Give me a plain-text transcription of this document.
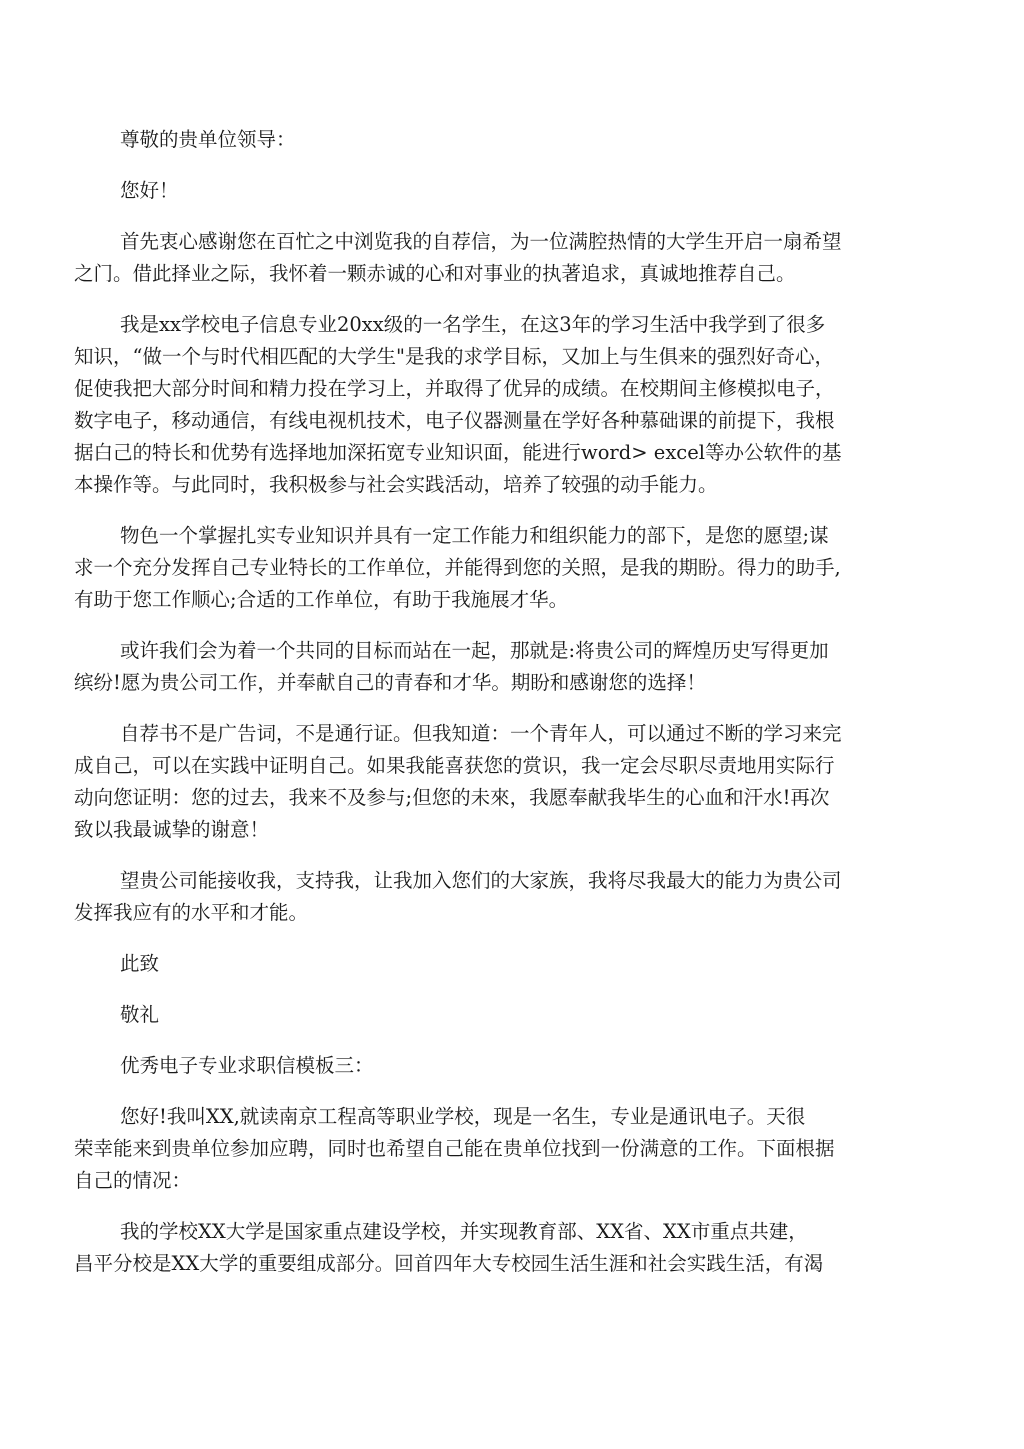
尊敬的贵单位领导：

您好！

首先衷心感谢您在百忙之中浏览我的自荐信，为一位满腔热情的大学生开启一扇希望
之门。借此择业之际，我怀着一颗赤诚的心和对事业的执著追求，真诚地推荐自己。

我是xx学校电子信息专业20xx级的一名学生，在这3年的学习生活中我学到了很多
知识，“做一个与时代相匹配的大学生"是我的求学目标，又加上与生俱来的强烈好奇心，
促使我把大部分时间和精力投在学习上，并取得了优异的成绩。在校期间主修模拟电子，
数字电子，移动通信，有线电视机技术，电子仪器测量在学好各种慕础课的前提下，我根
据白己的特长和优势有选择地加深拓宽专业知识面，能进行word> excel等办公软件的基
本操作等。与此同时，我积极参与社会实践活动，培养了较强的动手能力。

物色一个掌握扎实专业知识并具有一定工作能力和组织能力的部下，是您的愿望;谋
求一个充分发挥自己专业特长的工作单位，并能得到您的关照，是我的期盼。得力的助手,
有助于您工作顺心;合适的工作单位，有助于我施展才华。

或许我们会为着一个共同的目标而站在一起，那就是:将贵公司的辉煌历史写得更加
缤纷!愿为贵公司工作，并奉献自己的青春和才华。期盼和感谢您的选择！

自荐书不是广告词，不是通行证。但我知道：一个青年人，可以通过不断的学习来完
成自己，可以在实践中证明自己。如果我能喜获您的赏识，我一定会尽职尽责地用实际行
动向您证明：您的过去，我来不及参与;但您的未來，我愿奉献我毕生的心血和汗水!再次
致以我最诚挚的谢意！

望贵公司能接收我，支持我，让我加入您们的大家族，我将尽我最大的能力为贵公司
发挥我应有的水平和才能。

此致

敬礼

优秀电子专业求职信模板三：

您好!我叫XX,就读南京工程高等职业学校，现是一名生，专业是通讯电子。天很
荣幸能来到贵单位参加应聘，同时也希望自己能在贵单位找到一份满意的工作。下面根据
自己的情况：

我的学校XX大学是国家重点建设学校，并实现教育部、XX省、XX市重点共建，
昌平分校是XX大学的重要组成部分。回首四年大专校园生活生涯和社会实践生活，有渴
